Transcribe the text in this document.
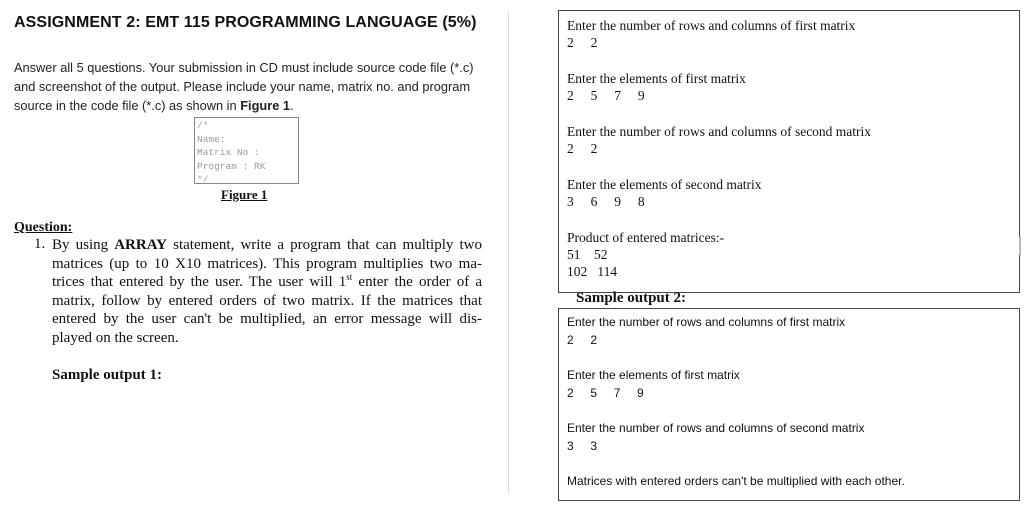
ASSIGNMENT 2: EMT 115 PROGRAMMING LANGUAGE (5%)
Answer all 5 questions. Your submission in CD must include source code file (*.c) and screenshot of the output. Please include your name, matrix no. and program source in the code file (*.c) as shown in Figure 1.
/*
Name:
Matrix No :
Program : RK
*/
Figure 1
Question:
1. By using ARRAY statement, write a program that can multiply two matrices (up to 10 X10 matrices). This program multiplies two ma-trices that entered by the user. The user will 1st enter the order of a matrix, follow by entered orders of two matrix. If the matrices that entered by the user can't be multiplied, an error message will dis-played on the screen.
Sample output 1:
Enter the number of rows and columns of first matrix
2     2
Enter the elements of first matrix
2     5     7     9
Enter the number of rows and columns of second matrix
2     2
Enter the elements of second matrix
3     6     9     8
Product of entered matrices:-
51    52
102   114
Sample output 2:
Enter the number of rows and columns of first matrix
2     2
Enter the elements of first matrix
2     5     7     9
Enter the number of rows and columns of second matrix
3     3
Matrices with entered orders can't be multiplied with each other.
